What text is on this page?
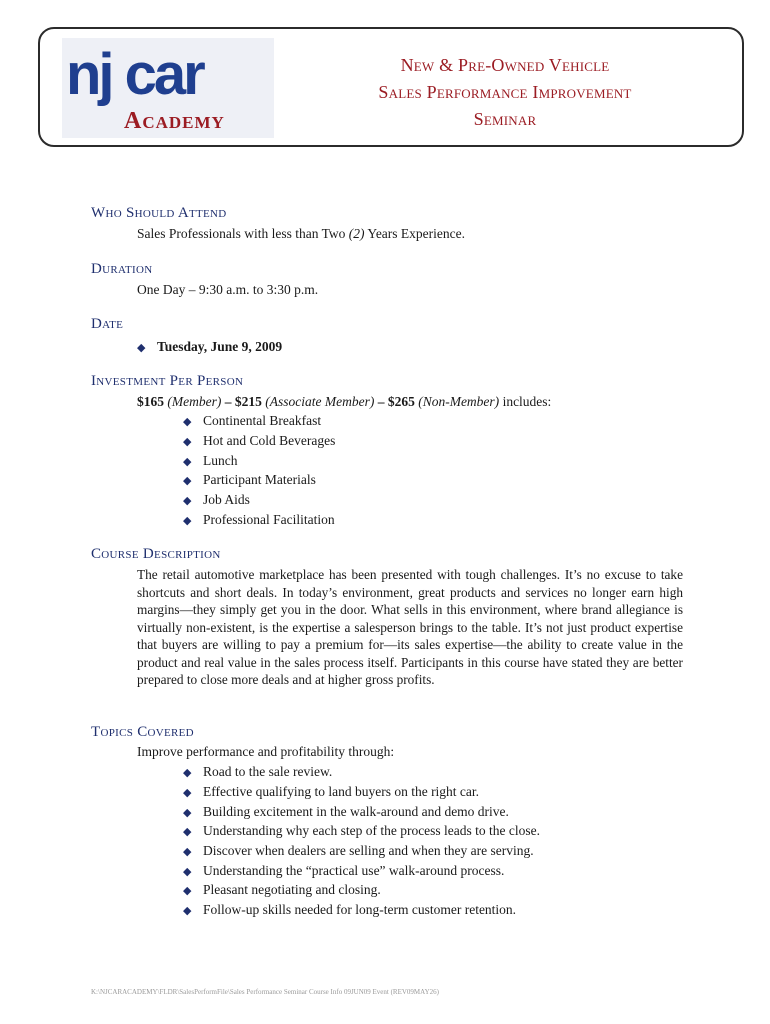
nj car
Academy
New & Pre-Owned Vehicle
Sales Performance Improvement
Seminar
Who Should Attend
Sales Professionals with less than Two (2) Years Experience.
Duration
One Day – 9:30 a.m. to 3:30 p.m.
Date
◆ Tuesday, June 9, 2009
Investment Per Person
$165 (Member) – $215 (Associate Member) – $265 (Non-Member) includes:
◆ Continental Breakfast
◆ Hot and Cold Beverages
◆ Lunch
◆ Participant Materials
◆ Job Aids
◆ Professional Facilitation
Course Description
The retail automotive marketplace has been presented with tough challenges. It’s no excuse to take shortcuts and short deals. In today’s environment, great products and services no longer earn high margins—they simply get you in the door. What sells in this environment, where brand allegiance is virtually non-existent, is the expertise a salesperson brings to the table. It’s not just product expertise that buyers are willing to pay a premium for—its sales expertise—the ability to create value in the product and real value in the sales process itself. Participants in this course have stated they are better prepared to close more deals and at higher gross profits.
Topics Covered
Improve performance and profitability through:
◆ Road to the sale review.
◆ Effective qualifying to land buyers on the right car.
◆ Building excitement in the walk-around and demo drive.
◆ Understanding why each step of the process leads to the close.
◆ Discover when dealers are selling and when they are serving.
◆ Understanding the “practical use” walk-around process.
◆ Pleasant negotiating and closing.
◆ Follow-up skills needed for long-term customer retention.
K:\NJCARACADEMY\FLDR\SalesPerformFile\Sales Performance Seminar Course Info 09JUN09 Event (REV09MAY26)
